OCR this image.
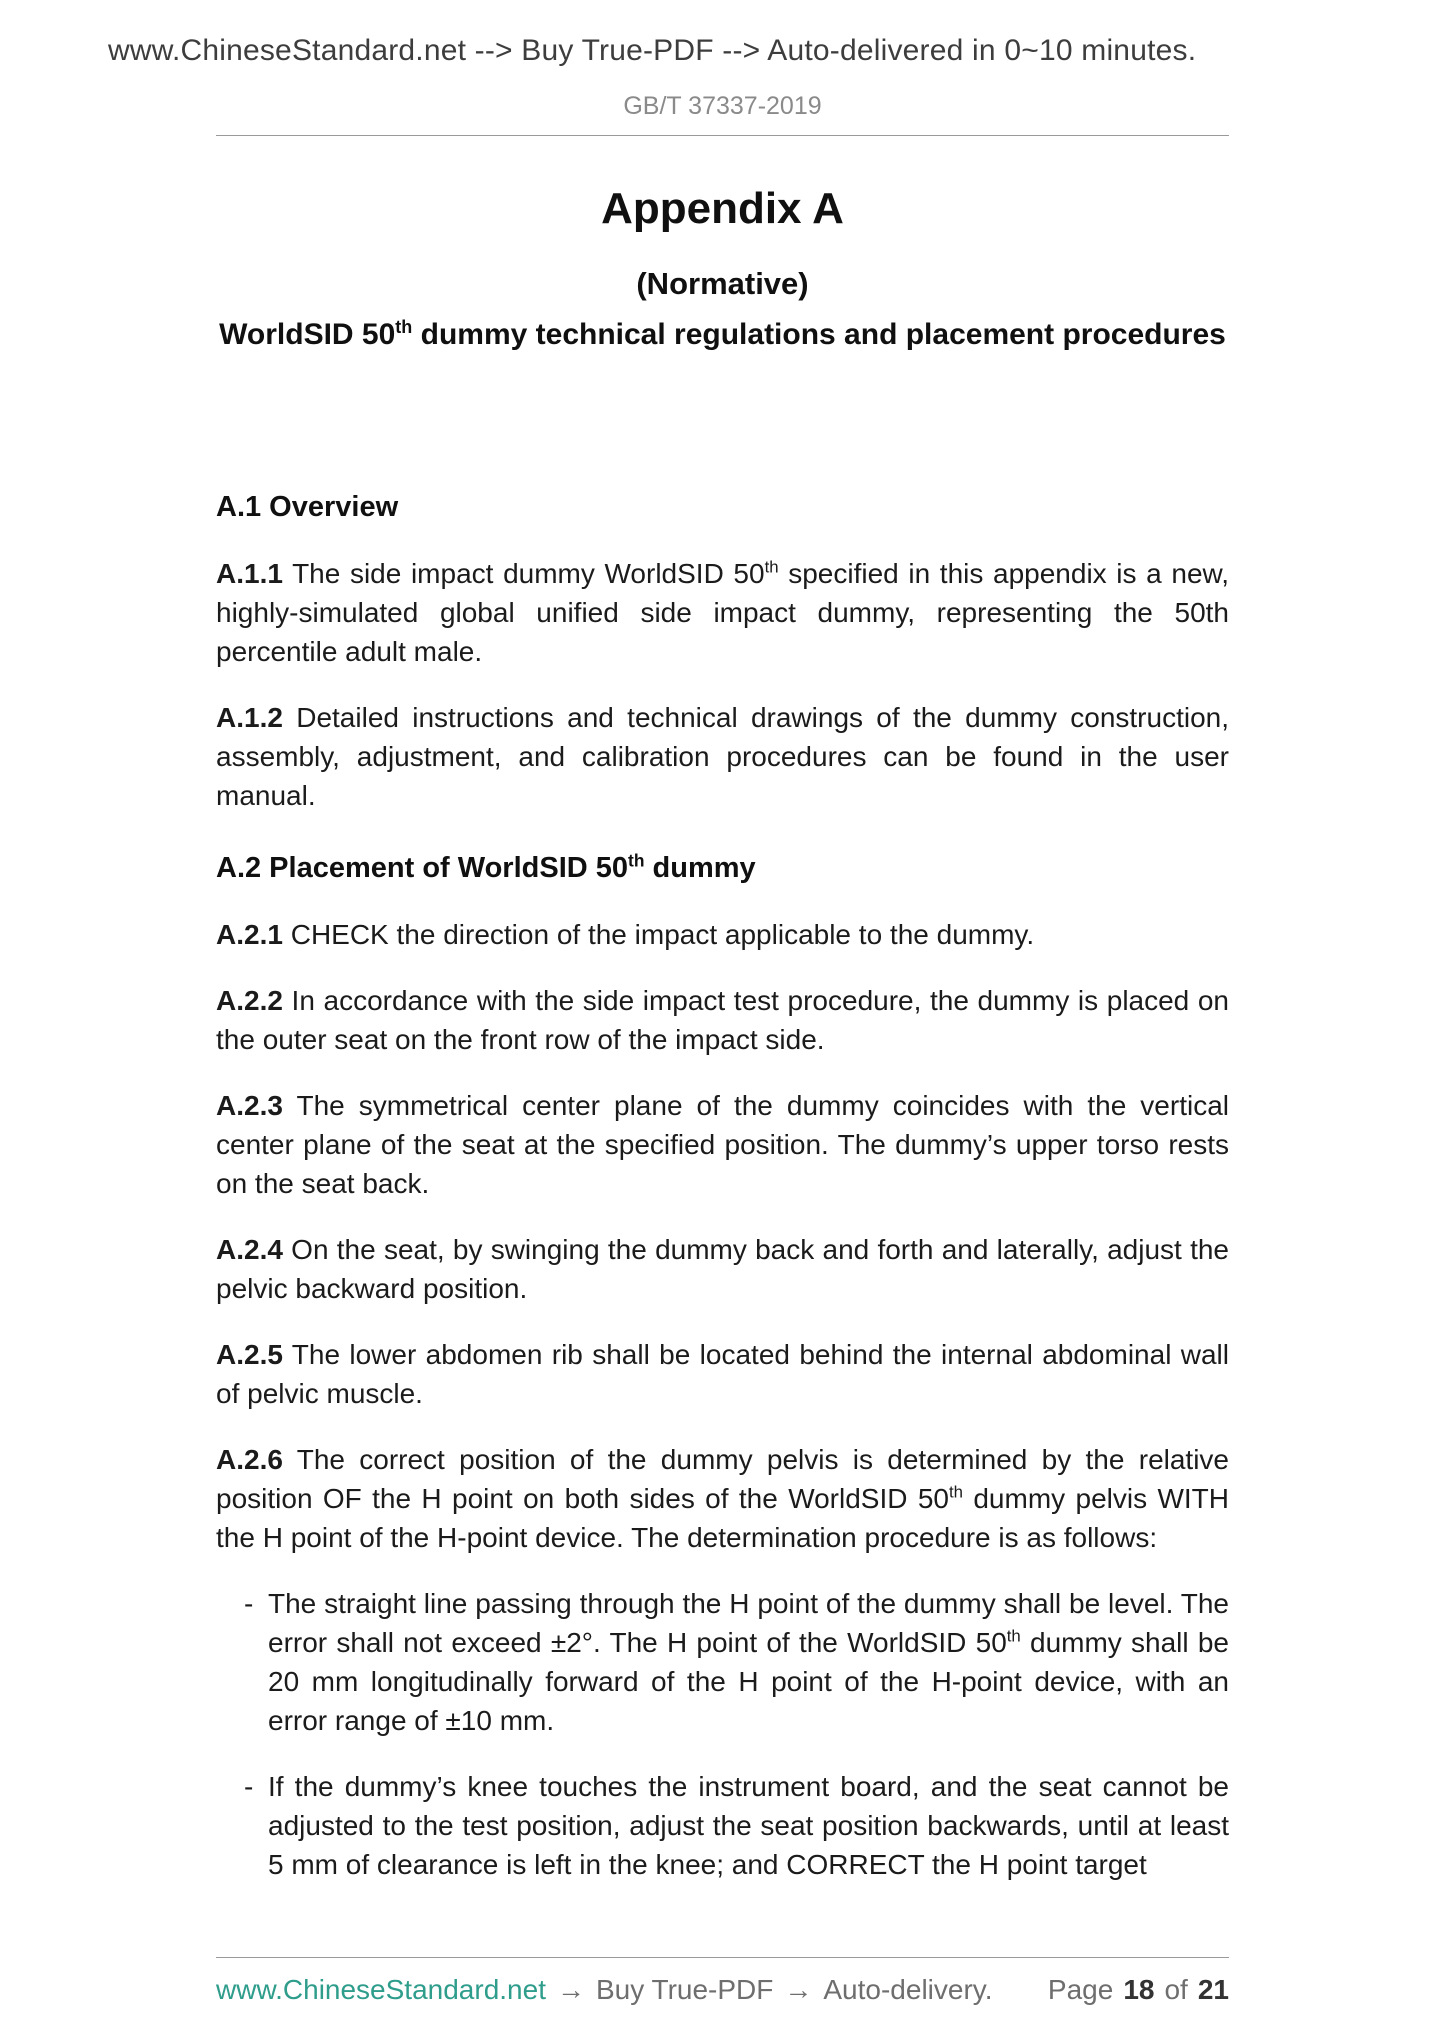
www.ChineseStandard.net --> Buy True-PDF --> Auto-delivered in 0~10 minutes.
GB/T 37337-2019
Appendix A
(Normative)
WorldSID 50th dummy technical regulations and placement procedures
A.1 Overview

A.1.1 The side impact dummy WorldSID 50th specified in this appendix is a new, highly-simulated global unified side impact dummy, representing the 50th percentile adult male.

A.1.2 Detailed instructions and technical drawings of the dummy construction, assembly, adjustment, and calibration procedures can be found in the user manual.

A.2 Placement of WorldSID 50th dummy

A.2.1 CHECK the direction of the impact applicable to the dummy.

A.2.2 In accordance with the side impact test procedure, the dummy is placed on the outer seat on the front row of the impact side.

A.2.3 The symmetrical center plane of the dummy coincides with the vertical center plane of the seat at the specified position. The dummy’s upper torso rests on the seat back.

A.2.4 On the seat, by swinging the dummy back and forth and laterally, adjust the pelvic backward position.

A.2.5 The lower abdomen rib shall be located behind the internal abdominal wall of pelvic muscle.

A.2.6 The correct position of the dummy pelvis is determined by the relative position OF the H point on both sides of the WorldSID 50th dummy pelvis WITH the H point of the H-point device. The determination procedure is as follows:

- The straight line passing through the H point of the dummy shall be level. The error shall not exceed ±2°. The H point of the WorldSID 50th dummy shall be 20 mm longitudinally forward of the H point of the H-point device, with an error range of ±10 mm.
- If the dummy’s knee touches the instrument board, and the seat cannot be adjusted to the test position, adjust the seat position backwards, until at least 5 mm of clearance is left in the knee; and CORRECT the H point target
www.ChineseStandard.net → Buy True-PDF → Auto-delivery. Page 18 of 21
